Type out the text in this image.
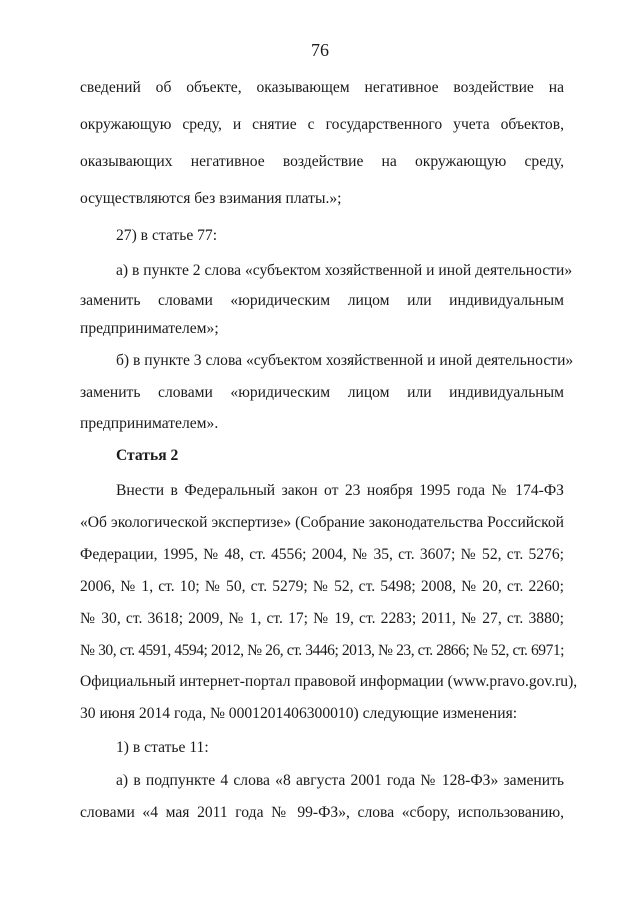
76
сведений об объекте, оказывающем негативное воздействие на
окружающую среду, и снятие с государственного учета объектов,
оказывающих негативное воздействие на окружающую среду,
осуществляются без взимания платы.»;
27) в статье 77:
а) в пункте 2 слова «субъектом хозяйственной и иной деятельности»
заменить словами «юридическим лицом или индивидуальным
предпринимателем»;
б) в пункте 3 слова «субъектом хозяйственной и иной деятельности»
заменить словами «юридическим лицом или индивидуальным
предпринимателем».
Статья 2
Внести в Федеральный закон от 23 ноября 1995 года № 174-ФЗ
«Об экологической экспертизе» (Собрание законодательства Российской
Федерации, 1995, № 48, ст. 4556; 2004, № 35, ст. 3607; № 52, ст. 5276;
2006, № 1, ст. 10; № 50, ст. 5279; № 52, ст. 5498; 2008, № 20, ст. 2260;
№ 30, ст. 3618; 2009, № 1, ст. 17; № 19, ст. 2283; 2011, № 27, ст. 3880;
№ 30, ст. 4591, 4594; 2012, № 26, ст. 3446; 2013, № 23, ст. 2866; № 52, ст. 6971;
Официальный интернет-портал правовой информации (www.pravo.gov.ru),
30 июня 2014 года, № 0001201406300010) следующие изменения:
1) в статье 11:
а) в подпункте 4 слова «8 августа 2001 года № 128-ФЗ» заменить
словами «4 мая 2011 года № 99-ФЗ», слова «сбору, использованию,
